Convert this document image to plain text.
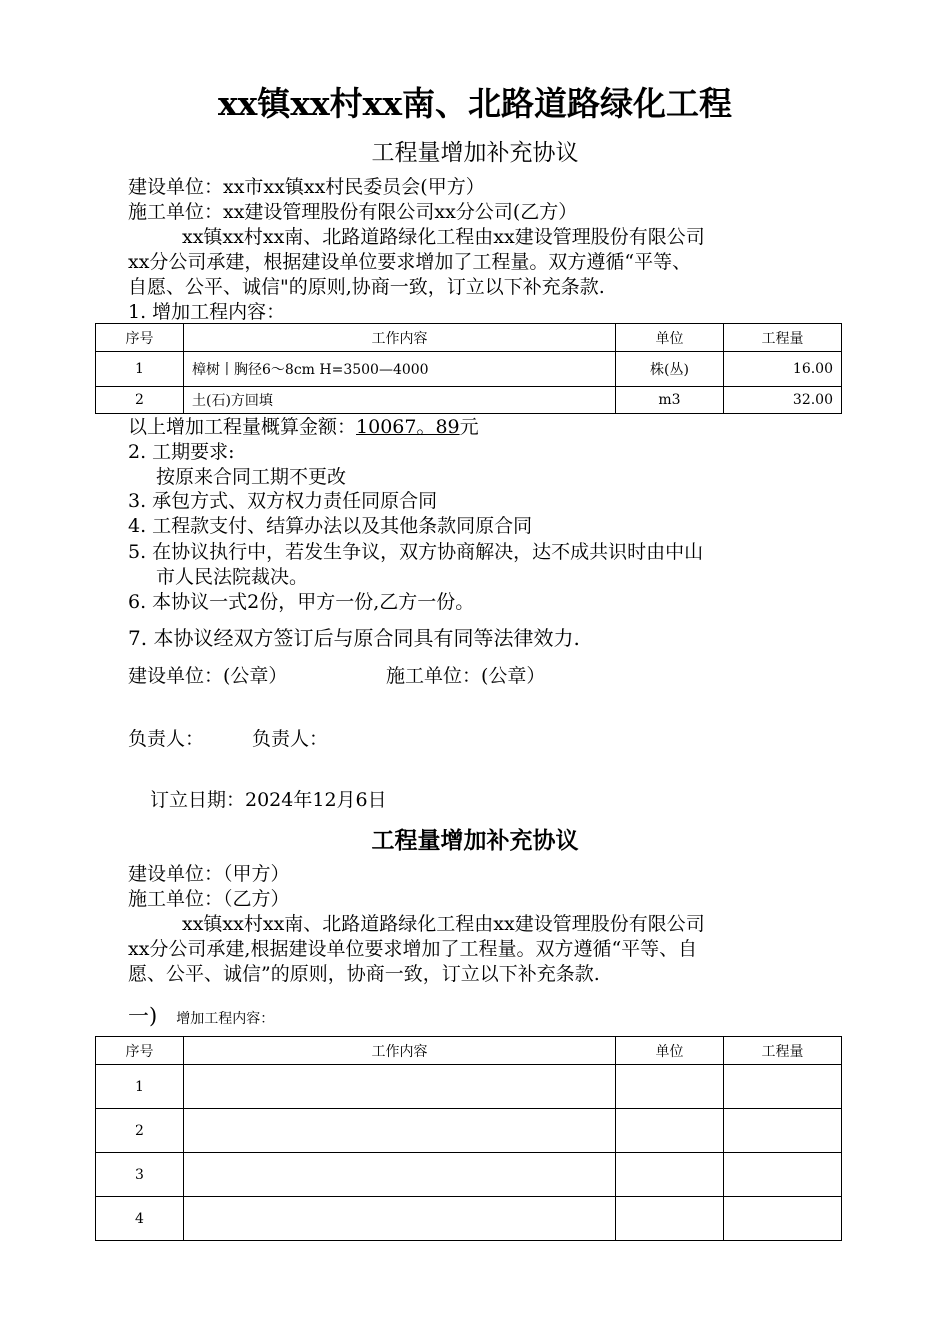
xx镇xx村xx南、北路道路绿化工程
工程量增加补充协议
建设单位：xx市xx镇xx村民委员会(甲方）
施工单位：xx建设管理股份有限公司xx分公司(乙方）
xx镇xx村xx南、北路道路绿化工程由xx建设管理股份有限公司
xx分公司承建，根据建设单位要求增加了工程量。双方遵循“平等、
自愿、公平、诚信"的原则,协商一致，订立以下补充条款.
1. 增加工程内容：
序号	工作内容	单位	工程量
1	樟树丨胸径6～8cm H=3500—4000	株(丛)	16.00
2	土(石)方回填	m3	32.00
以上增加工程量概算金额：10067。89元
2. 工期要求:
按原来合同工期不更改
3. 承包方式、双方权力责任同原合同
4. 工程款支付、结算办法以及其他条款同原合同
5. 在协议执行中，若发生争议，双方协商解决，达不成共识时由中山
市人民法院裁决。
6. 本协议一式2份，甲方一份,乙方一份。
7. 本协议经双方签订后与原合同具有同等法律效力.
建设单位：(公章）	施工单位：(公章）
负责人：	负责人：
订立日期：2024年12月6日
工程量增加补充协议
建设单位：（甲方）
施工单位：（乙方）
xx镇xx村xx南、北路道路绿化工程由xx建设管理股份有限公司
xx分公司承建,根据建设单位要求增加了工程量。双方遵循“平等、自
愿、公平、诚信”的原则，协商一致，订立以下补充条款.
一) 增加工程内容：
序号	工作内容	单位	工程量
1			
2			
3			
4			
